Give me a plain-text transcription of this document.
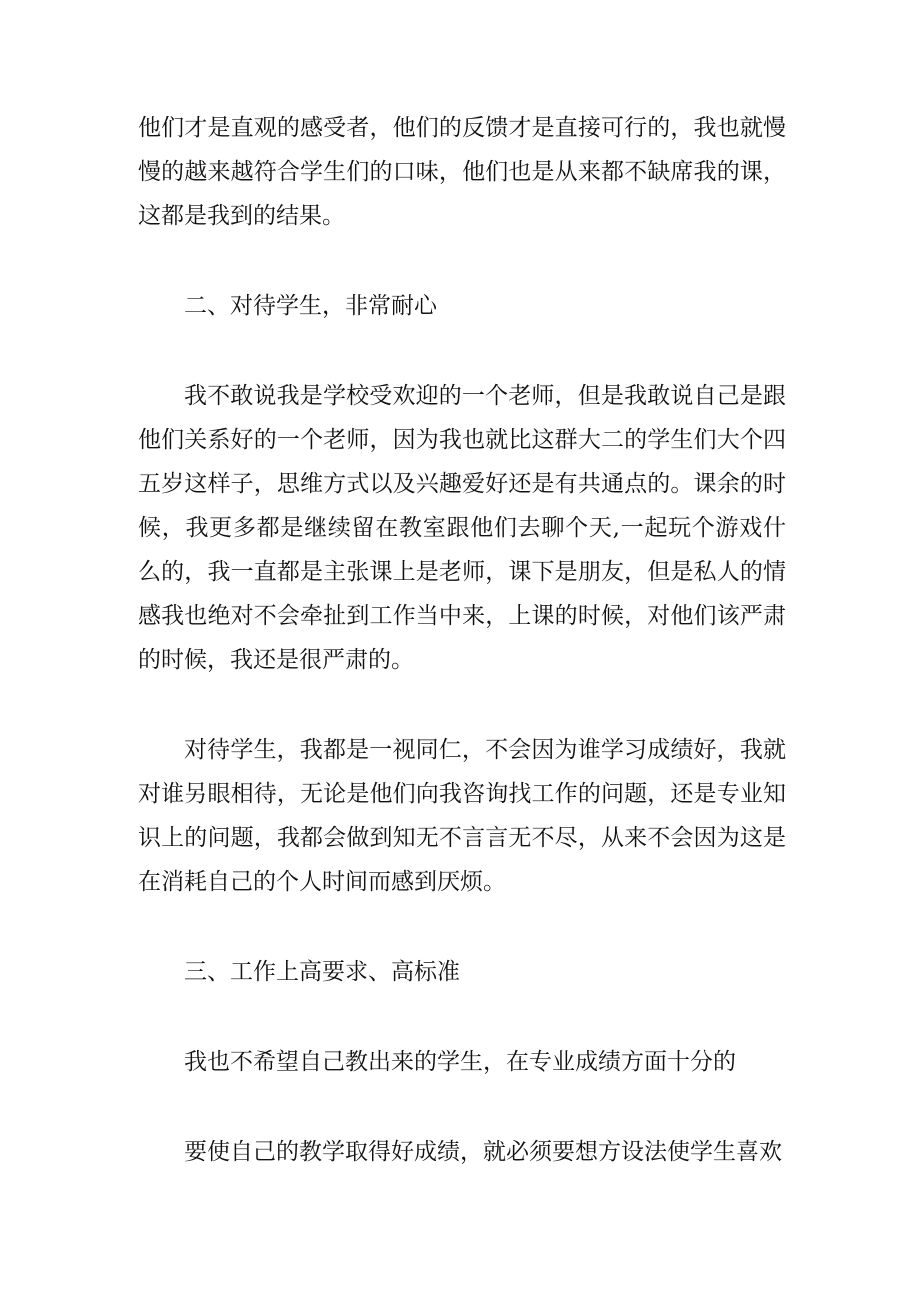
他们才是直观的感受者，他们的反馈才是直接可行的，我也就慢慢的越来越符合学生们的口味，他们也是从来都不缺席我的课，这都是我到的结果。

二、对待学生，非常耐心

我不敢说我是学校受欢迎的一个老师，但是我敢说自己是跟他们关系好的一个老师，因为我也就比这群大二的学生们大个四五岁这样子，思维方式以及兴趣爱好还是有共通点的。课余的时候，我更多都是继续留在教室跟他们去聊个天,一起玩个游戏什么的，我一直都是主张课上是老师，课下是朋友，但是私人的情感我也绝对不会牵扯到工作当中来，上课的时候，对他们该严肃的时候，我还是很严肃的。

对待学生，我都是一视同仁，不会因为谁学习成绩好，我就对谁另眼相待，无论是他们向我咨询找工作的问题，还是专业知识上的问题，我都会做到知无不言言无不尽，从来不会因为这是在消耗自己的个人时间而感到厌烦。

三、工作上高要求、高标准

我也不希望自己教出来的学生，在专业成绩方面十分的

要使自己的教学取得好成绩，就必须要想方设法使学生喜欢
